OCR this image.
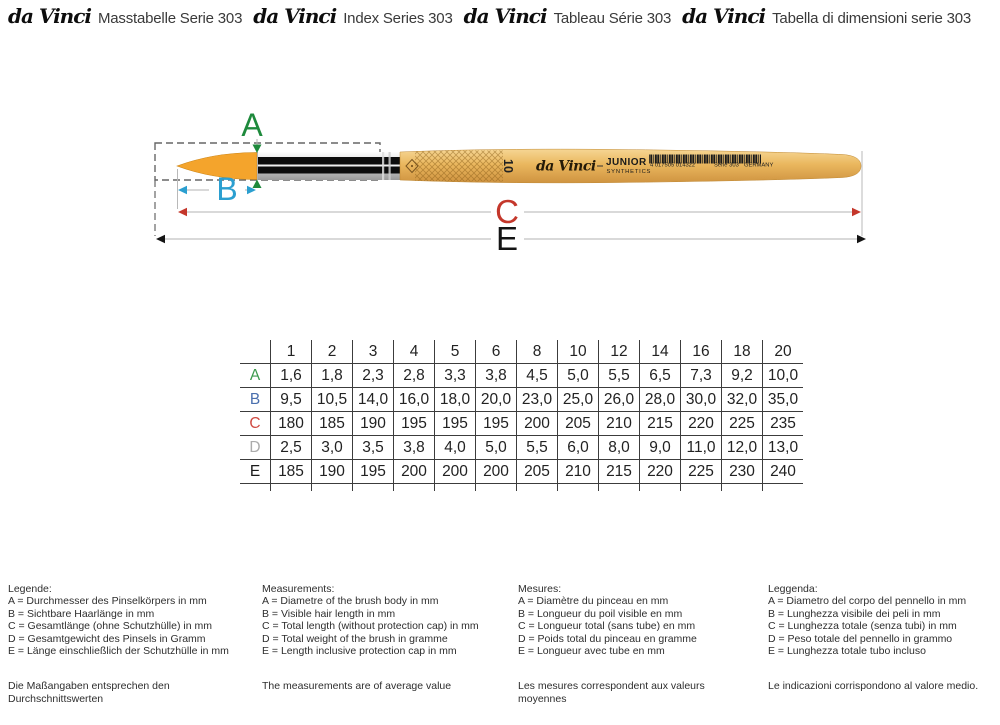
da Vinci Masstabelle Serie 303 da Vinci Index Series 303 da Vinci Tableau Série 303 da Vinci Tabella di dimensioni serie 303
10 da Vinci JUNIOR
SYNTHETICS
4 017505 014322	Serie 303 GERMANY
A
B
C
E
	1	2	3	4	5	6	8	10	12	14	16	18	20
A	1,6	1,8	2,3	2,8	3,3	3,8	4,5	5,0	5,5	6,5	7,3	9,2	10,0
B	9,5	10,5	14,0	16,0	18,0	20,0	23,0	25,0	26,0	28,0	30,0	32,0	35,0
C	180	185	190	195	195	195	200	205	210	215	220	225	235
D	2,5	3,0	3,5	3,8	4,0	5,0	5,5	6,0	8,0	9,0	11,0	12,0	13,0
E	185	190	195	200	200	200	205	210	215	220	225	230	240

Legende:
A = Durchmesser des Pinselkörpers in mm
B = Sichtbare Haarlänge in mm
C = Gesamtlänge (ohne Schutzhülle) in mm
D = Gesamtgewicht des Pinsels in Gramm
E = Länge einschließlich der Schutzhülle in mm
Die Maßangaben entsprechen den
Durchschnittswerten
Measurements:
A = Diametre of the brush body in mm
B = Visible hair length in mm
C = Total length (without protection cap) in mm
D = Total weight of the brush in gramme
E = Length inclusive protection cap in mm
The measurements are of average value
Mesures:
A = Diamètre du pinceau en mm
B = Longueur du poil visible en mm
C = Longueur total (sans tube) en mm
D = Poids total du pinceau en gramme
E = Longueur avec tube en mm
Les mesures correspondent aux valeurs
moyennes
Leggenda:
A = Diametro del corpo del pennello in mm
B = Lunghezza visibile dei peli in mm
C = Lunghezza totale (senza tubi) in mm
D = Peso totale del pennello in grammo
E = Lunghezza totale tubo incluso
Le indicazioni corrispondono al valore medio.
